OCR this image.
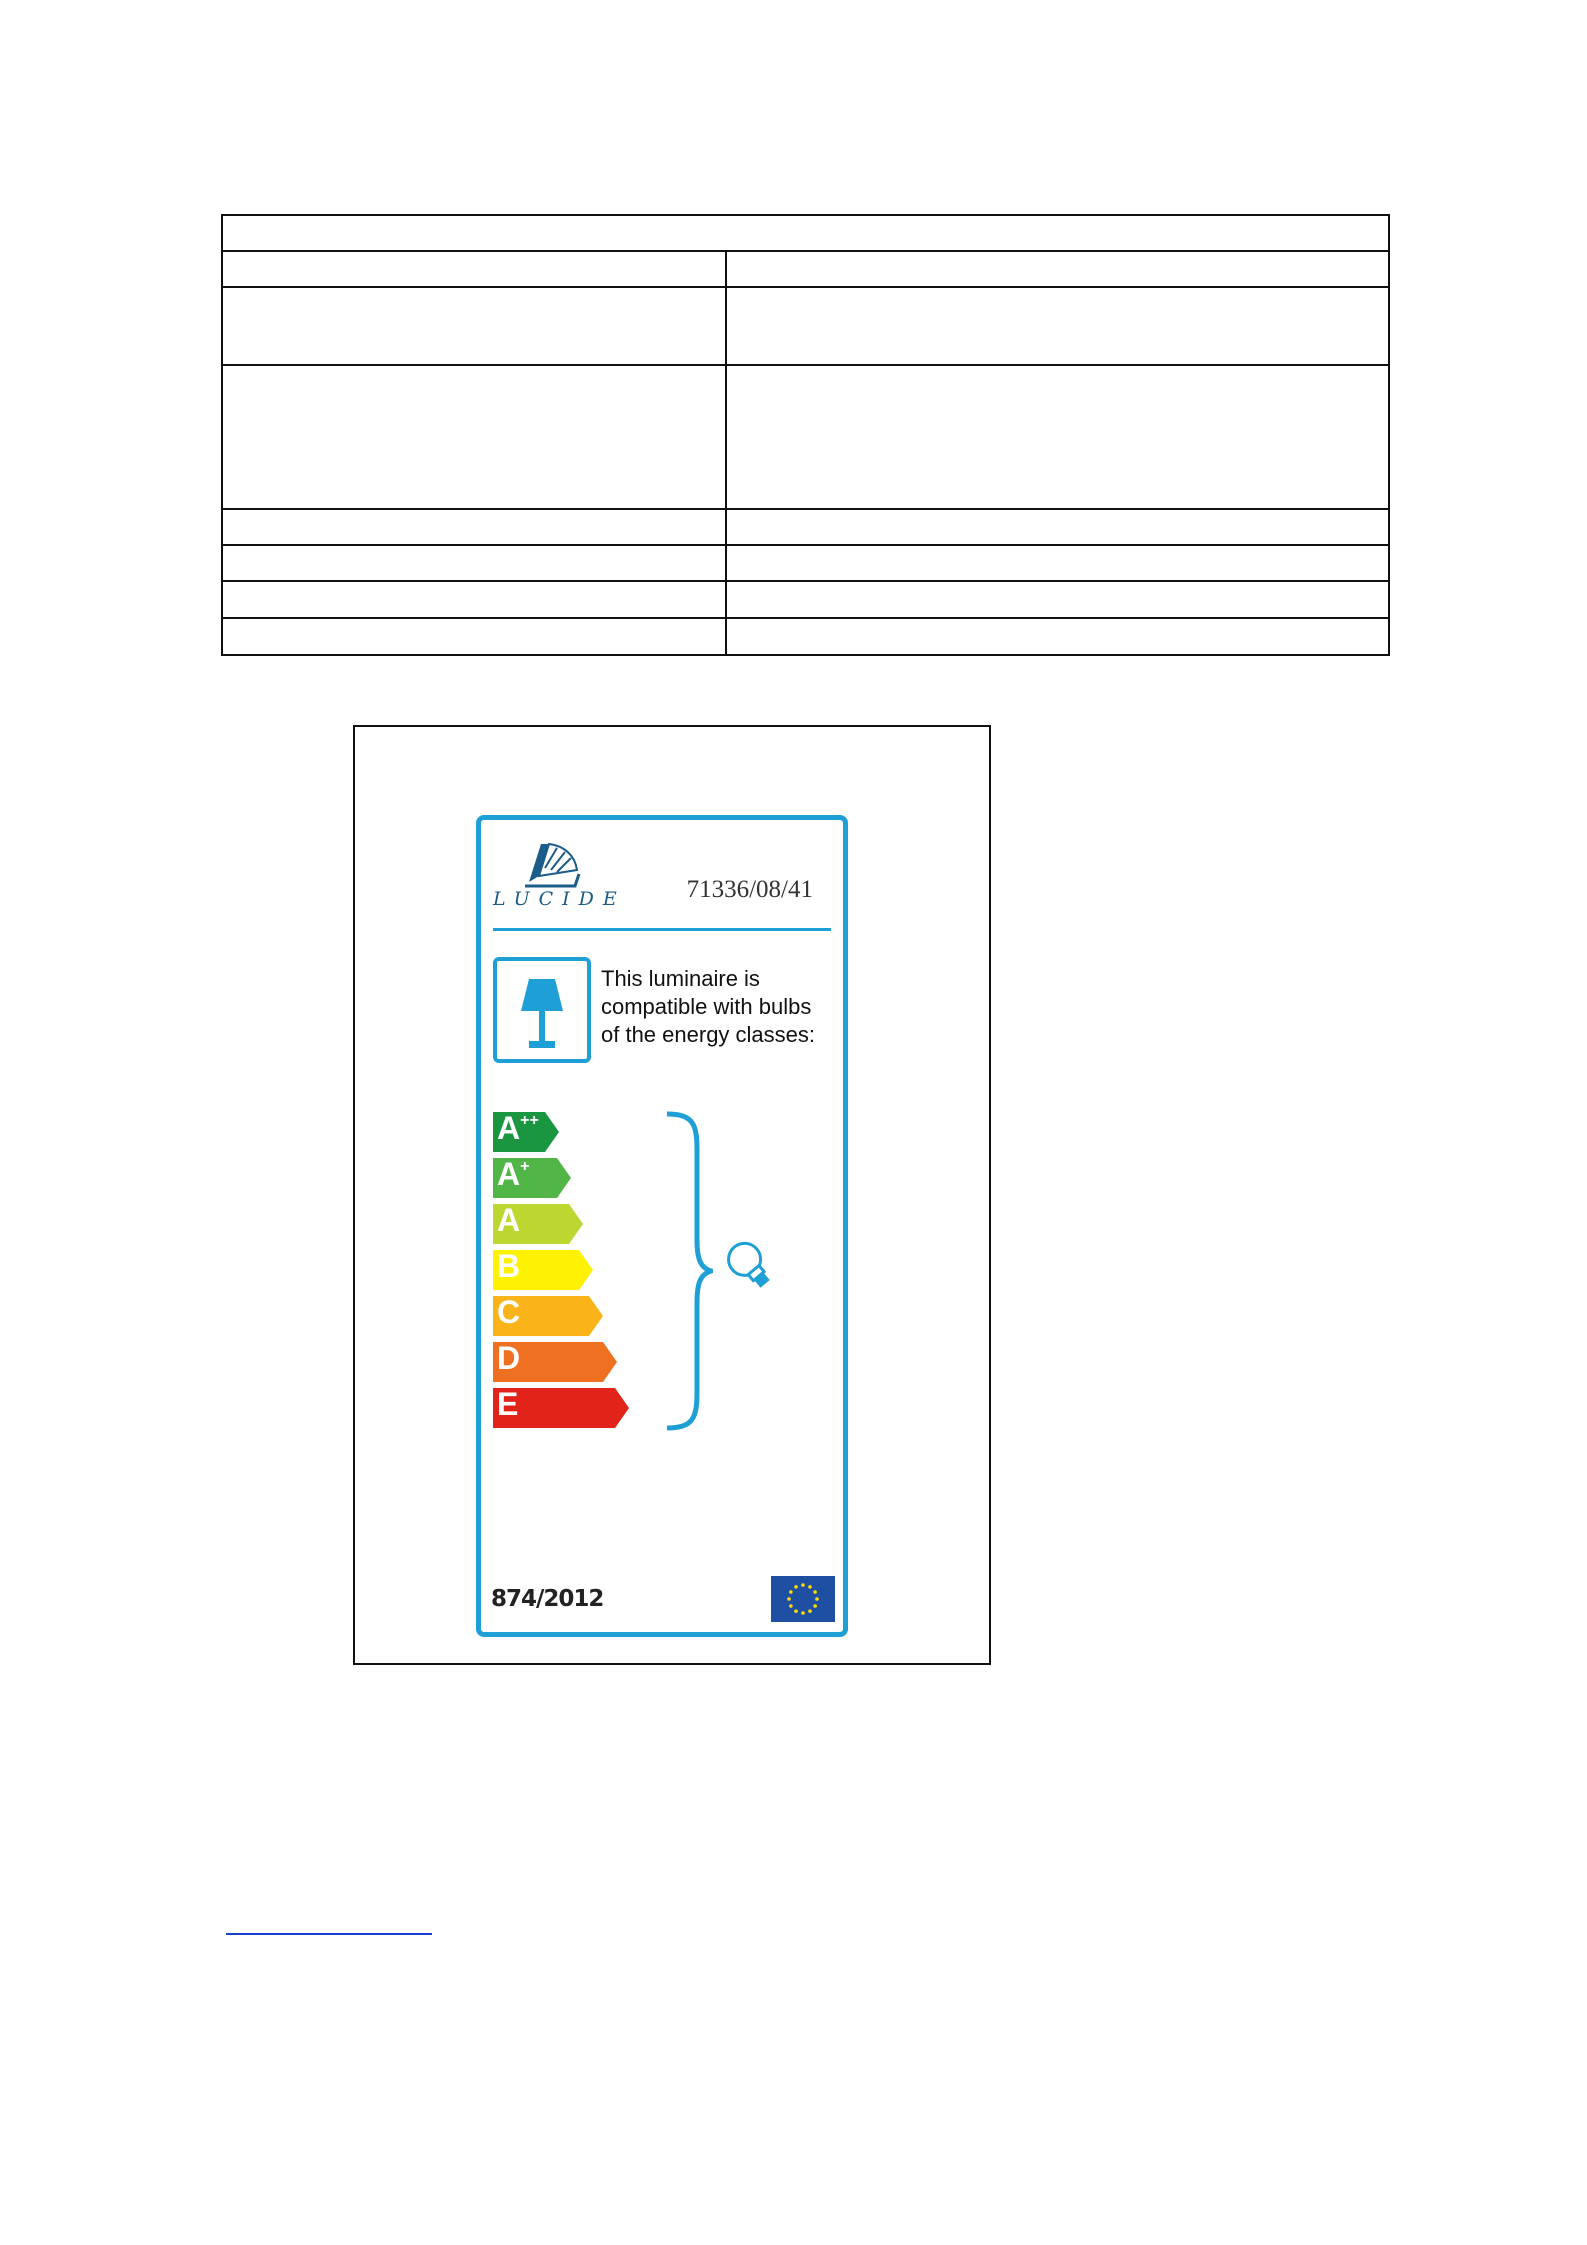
LUCIDE 71336/08/41
This luminaire is
compatible with bulbs
of the energy classes:
A++
A+
A
B
C
D
E
874/2012
